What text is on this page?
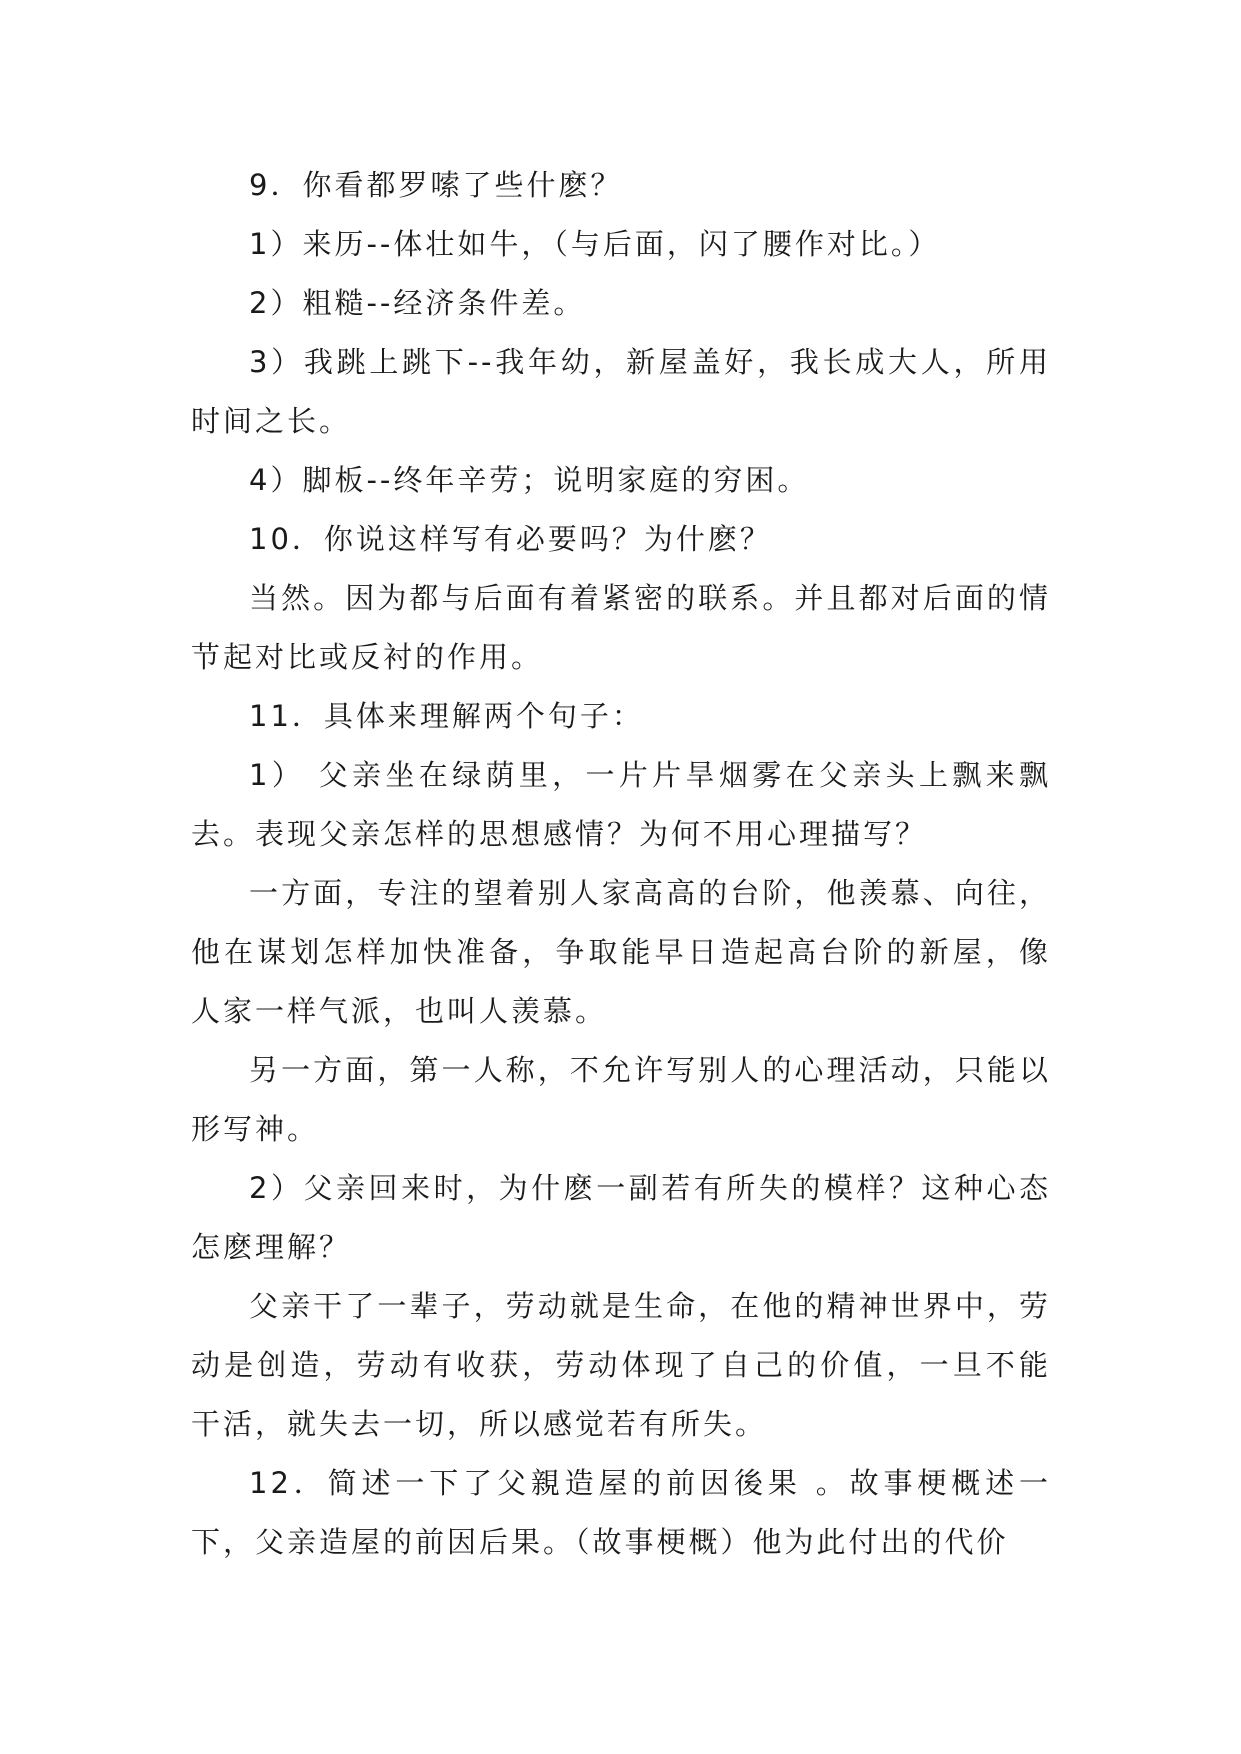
9．你看都罗嗦了些什麽？

1）来历--体壮如牛，（与后面，闪了腰作对比。）

2）粗糙--经济条件差。

3）我跳上跳下--我年幼，新屋盖好，我长成大人，所用时间之长。

4）脚板--终年辛劳；说明家庭的穷困。

10．你说这样写有必要吗？为什麽？

当然。因为都与后面有着紧密的联系。并且都对后面的情节起对比或反衬的作用。

11．具体来理解两个句子：

1） 父亲坐在绿荫里，一片片旱烟雾在父亲头上飘来飘去。表现父亲怎样的思想感情？为何不用心理描写？

一方面，专注的望着别人家高高的台阶，他羡慕、向往，他在谋划怎样加快准备，争取能早日造起高台阶的新屋，像人家一样气派，也叫人羡慕。

另一方面，第一人称，不允许写别人的心理活动，只能以形写神。

2）父亲回来时，为什麽一副若有所失的模样？这种心态怎麽理解？

父亲干了一辈子，劳动就是生命，在他的精神世界中，劳动是创造，劳动有收获，劳动体现了自己的价值，一旦不能干活，就失去一切，所以感觉若有所失。

12．简述一下了父親造屋的前因後果 。故事梗概述一下，父亲造屋的前因后果。（故事梗概）他为此付出的代价
